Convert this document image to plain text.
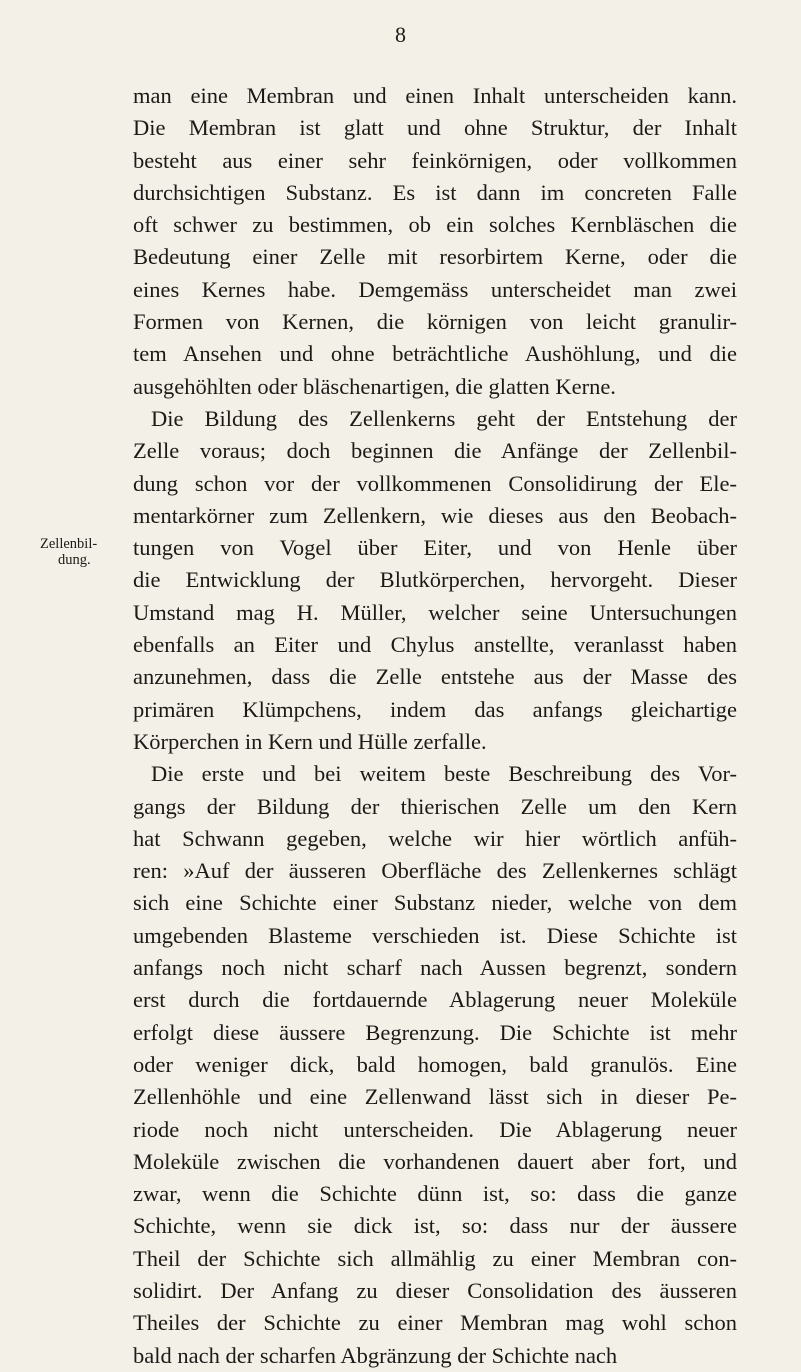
8
Zellenbil-
dung.
man eine Membran und einen Inhalt unterscheiden kann.
Die Membran ist glatt und ohne Struktur, der Inhalt
besteht aus einer sehr feinkörnigen, oder vollkommen
durchsichtigen Substanz. Es ist dann im concreten Falle
oft schwer zu bestimmen, ob ein solches Kernbläschen die
Bedeutung einer Zelle mit resorbirtem Kerne, oder die
eines Kernes habe. Demgemäss unterscheidet man zwei
Formen von Kernen, die körnigen von leicht granulir-
tem Ansehen und ohne beträchtliche Aushöhlung, und die
ausgehöhlten oder bläschenartigen, die glatten Kerne.
Die Bildung des Zellenkerns geht der Entstehung der
Zelle voraus; doch beginnen die Anfänge der Zellenbil-
dung schon vor der vollkommenen Consolidirung der Ele-
mentarkörner zum Zellenkern, wie dieses aus den Beobach-
tungen von Vogel über Eiter, und von Henle über
die Entwicklung der Blutkörperchen, hervorgeht. Dieser
Umstand mag H. Müller, welcher seine Untersuchungen
ebenfalls an Eiter und Chylus anstellte, veranlasst haben
anzunehmen, dass die Zelle entstehe aus der Masse des
primären Klümpchens, indem das anfangs gleichartige
Körperchen in Kern und Hülle zerfalle.
Die erste und bei weitem beste Beschreibung des Vor-
gangs der Bildung der thierischen Zelle um den Kern
hat Schwann gegeben, welche wir hier wörtlich anfüh-
ren: »Auf der äusseren Oberfläche des Zellenkernes schlägt
sich eine Schichte einer Substanz nieder, welche von dem
umgebenden Blasteme verschieden ist. Diese Schichte ist
anfangs noch nicht scharf nach Aussen begrenzt, sondern
erst durch die fortdauernde Ablagerung neuer Moleküle
erfolgt diese äussere Begrenzung. Die Schichte ist mehr
oder weniger dick, bald homogen, bald granulös. Eine
Zellenhöhle und eine Zellenwand lässt sich in dieser Pe-
riode noch nicht unterscheiden. Die Ablagerung neuer
Moleküle zwischen die vorhandenen dauert aber fort, und
zwar, wenn die Schichte dünn ist, so: dass die ganze
Schichte, wenn sie dick ist, so: dass nur der äussere
Theil der Schichte sich allmählig zu einer Membran con-
solidirt. Der Anfang zu dieser Consolidation des äusseren
Theiles der Schichte zu einer Membran mag wohl schon
bald nach der scharfen Abgränzung der Schichte nach
